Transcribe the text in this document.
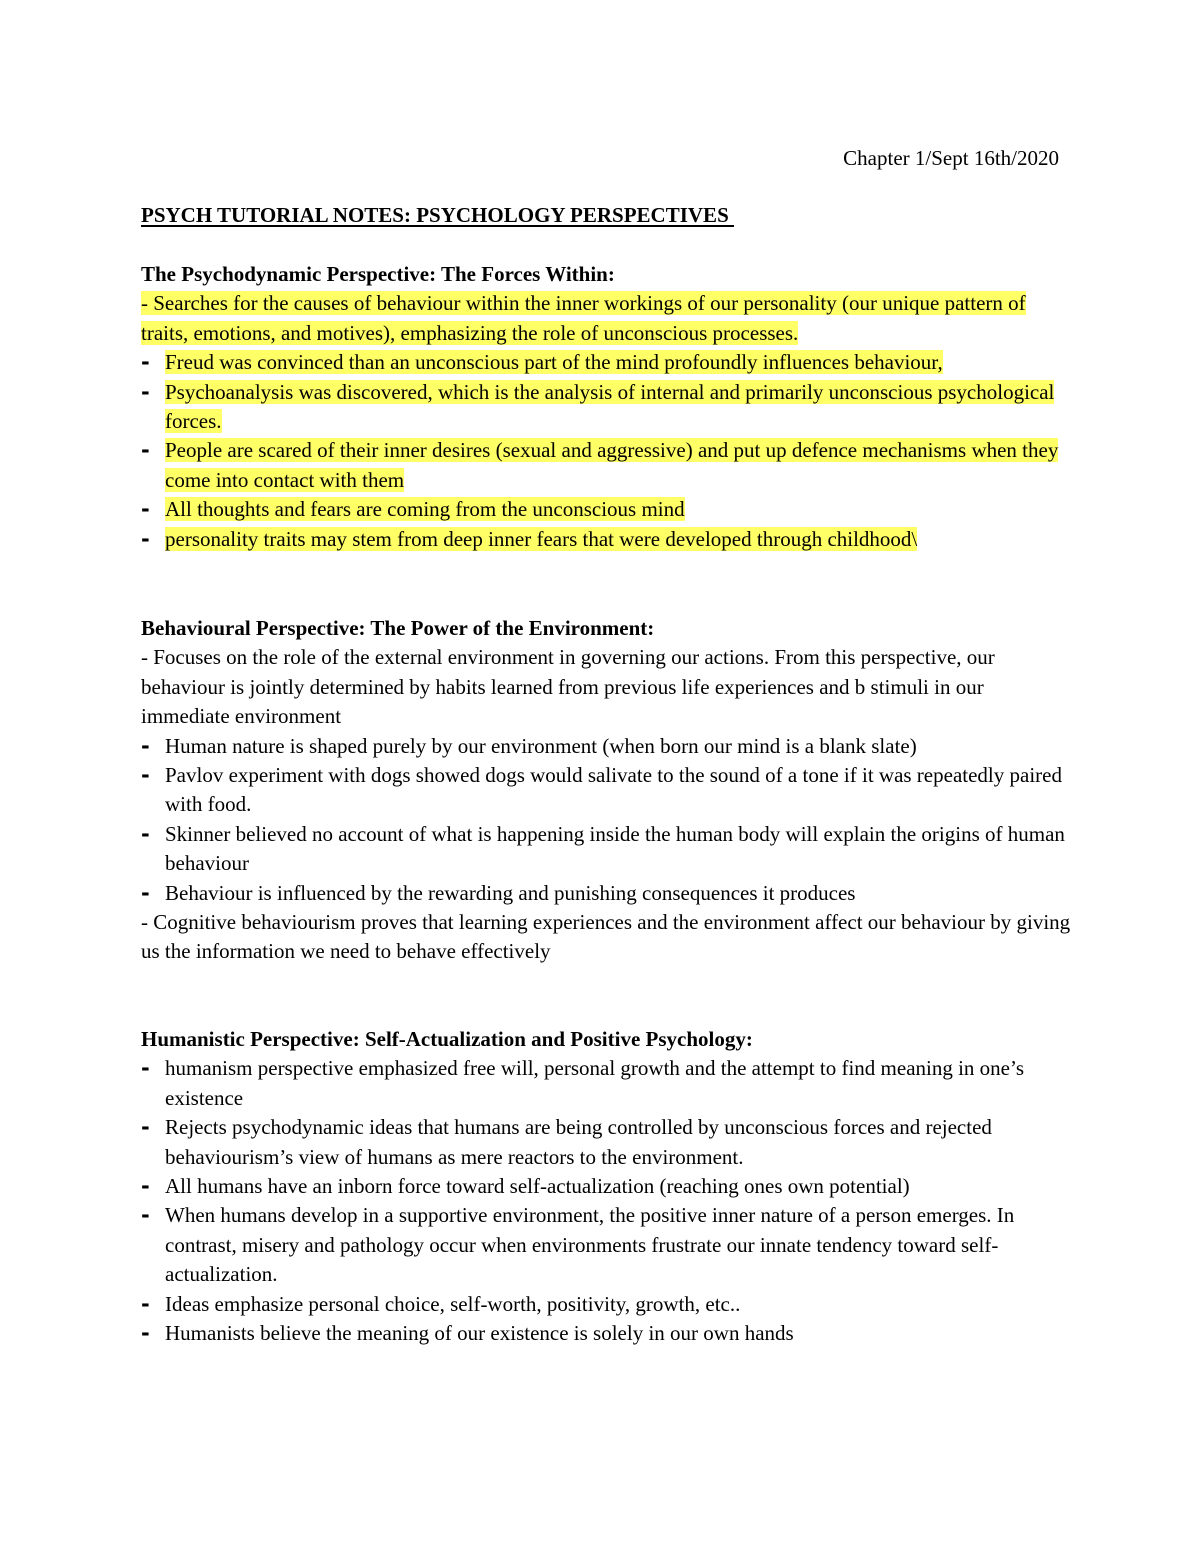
Chapter 1/Sept 16th/2020
PSYCH TUTORIAL NOTES: PSYCHOLOGY PERSPECTIVES

The Psychodynamic Perspective: The Forces Within:

- Searches for the causes of behaviour within the inner workings of our personality (our unique pattern of traits, emotions, and motives), emphasizing the role of unconscious processes.

- Freud was convinced than an unconscious part of the mind profoundly influences behaviour,
- Psychoanalysis was discovered, which is the analysis of internal and primarily unconscious psychological forces.
- People are scared of their inner desires (sexual and aggressive) and put up defence mechanisms when they come into contact with them
- All thoughts and fears are coming from the unconscious mind
- personality traits may stem from deep inner fears that were developed through childhood\

Behavioural Perspective: The Power of the Environment:

- Focuses on the role of the external environment in governing our actions. From this perspective, our behaviour is jointly determined by habits learned from previous life experiences and b stimuli in our immediate environment

- Human nature is shaped purely by our environment (when born our mind is a blank slate)
- Pavlov experiment with dogs showed dogs would salivate to the sound of a tone if it was repeatedly paired with food.
- Skinner believed no account of what is happening inside the human body will explain the origins of human behaviour
- Behaviour is influenced by the rewarding and punishing consequences it produces

- Cognitive behaviourism proves that learning experiences and the environment affect our behaviour by giving us the information we need to behave effectively

Humanistic Perspective: Self-Actualization and Positive Psychology:

- humanism perspective emphasized free will, personal growth and the attempt to find meaning in one’s existence
- Rejects psychodynamic ideas that humans are being controlled by unconscious forces and rejected behaviourism’s view of humans as mere reactors to the environment.
- All humans have an inborn force toward self-actualization (reaching ones own potential)
- When humans develop in a supportive environment, the positive inner nature of a person emerges. In contrast, misery and pathology occur when environments frustrate our innate tendency toward self-actualization.
- Ideas emphasize personal choice, self-worth, positivity, growth, etc..
- Humanists believe the meaning of our existence is solely in our own hands
